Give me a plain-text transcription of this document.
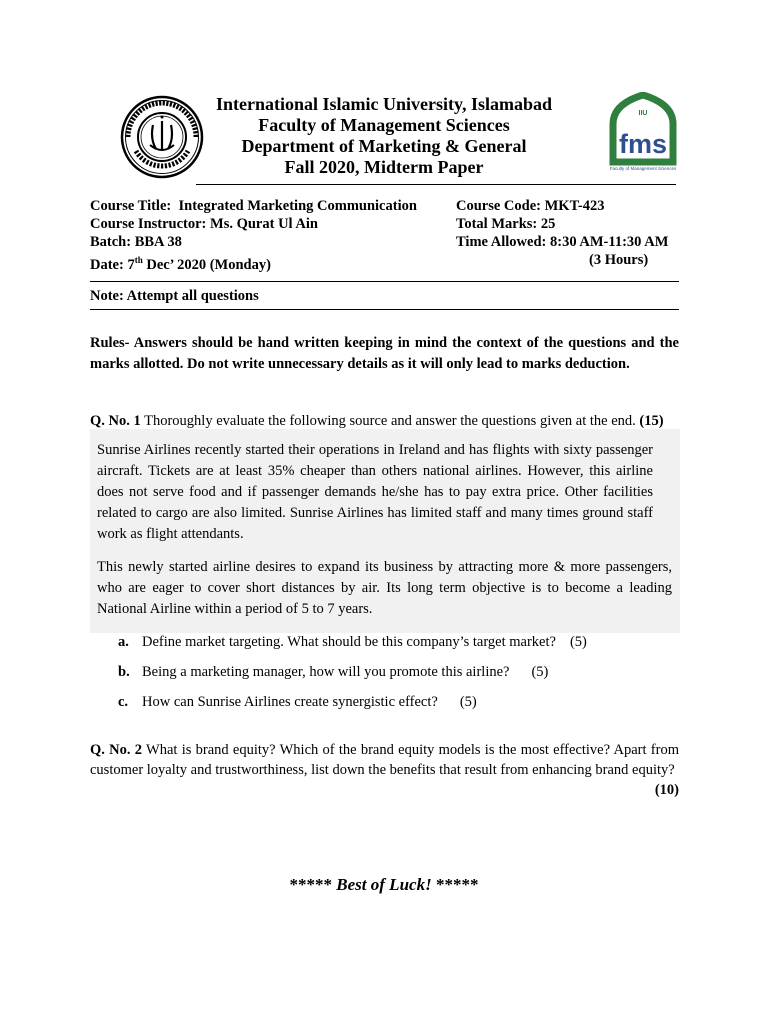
IIU
fms
Faculty of Management Sciences
International Islamic University, Islamabad
Faculty of Management Sciences
Department of Marketing & General
Fall 2020, Midterm Paper
Course Title: Integrated Marketing Communication
Course Instructor: Ms. Qurat Ul Ain
Batch: BBA 38
Date: 7th Dec’ 2020 (Monday)
Course Code: MKT-423
Total Marks: 25
Time Allowed: 8:30 AM-11:30 AM
(3 Hours)
Note: Attempt all questions
Rules- Answers should be hand written keeping in mind the context of the questions and the marks allotted. Do not write unnecessary details as it will only lead to marks deduction.
Q. No. 1 Thoroughly evaluate the following source and answer the questions given at the end. (15)
Sunrise Airlines recently started their operations in Ireland and has flights with sixty passenger aircraft. Tickets are at least 35% cheaper than others national airlines. However, this airline does not serve food and if passenger demands he/she has to pay extra price. Other facilities related to cargo are also limited. Sunrise Airlines has limited staff and many times ground staff work as flight attendants.
This newly started airline desires to expand its business by attracting more & more passengers, who are eager to cover short distances by air. Its long term objective is to become a leading National Airline within a period of 5 to 7 years.
a. Define market targeting. What should be this company’s target market? (5)
b. Being a marketing manager, how will you promote this airline? (5)
c. How can Sunrise Airlines create synergistic effect? (5)
Q. No. 2 What is brand equity? Which of the brand equity models is the most effective? Apart from customer loyalty and trustworthiness, list down the benefits that result from enhancing brand equity?
(10)
***** Best of Luck! *****
